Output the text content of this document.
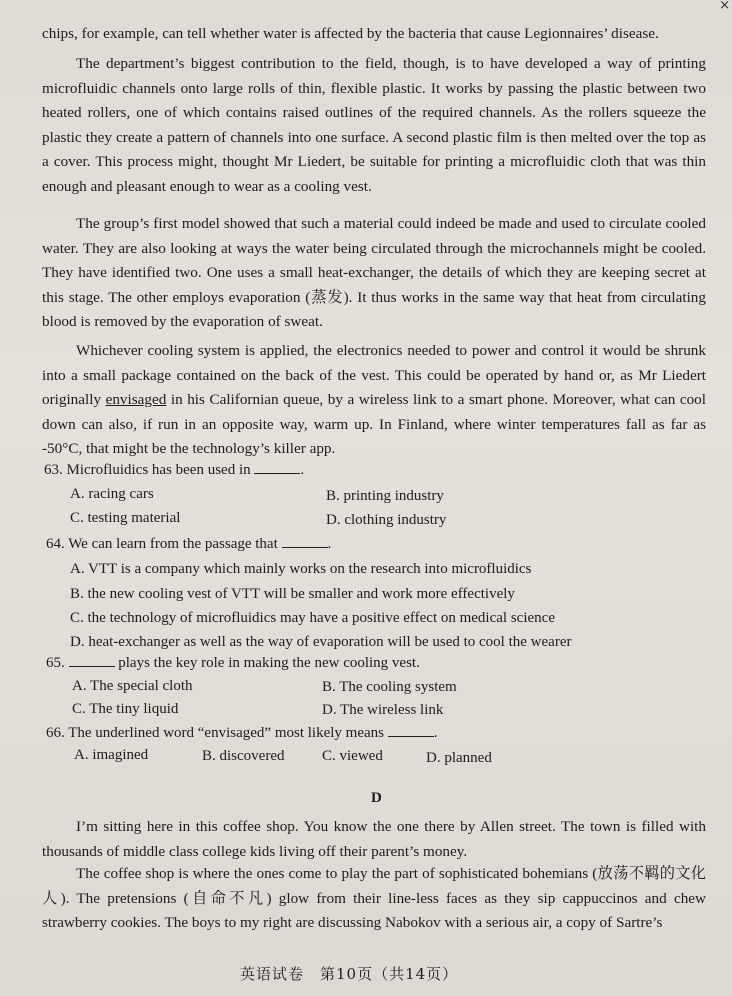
×

chips, for example, can tell whether water is affected by the bacteria that cause Legionnaires’ disease.

The department’s biggest contribution to the field, though, is to have developed a way of printing microfluidic channels onto large rolls of thin, flexible plastic. It works by passing the plastic between two heated rollers, one of which contains raised outlines of the required channels. As the rollers squeeze the plastic they create a pattern of channels into one surface. A second plastic film is then melted over the top as a cover. This process might, thought Mr Liedert, be suitable for printing a microfluidic cloth that was thin enough and pleasant enough to wear as a cooling vest.

The group’s first model showed that such a material could indeed be made and used to circulate cooled water. They are also looking at ways the water being circulated through the microchannels might be cooled. They have identified two. One uses a small heat-exchanger, the details of which they are keeping secret at this stage. The other employs evaporation (蒸发). It thus works in the same way that heat from circulating blood is removed by the evaporation of sweat.

Whichever cooling system is applied, the electronics needed to power and control it would be shrunk into a small package contained on the back of the vest. This could be operated by hand or, as Mr Liedert originally envisaged in his Californian queue, by a wireless link to a smart phone. Moreover, what can cool down can also, if run in an opposite way, warm up. In Finland, where winter temperatures fall as far as -50°C, that might be the technology’s killer app.

63. Microfluidics has been used in	.
A. racing cars	B. printing industry
C. testing material	D. clothing industry
64. We can learn from the passage that	.
A. VTT is a company which mainly works on the research into microfluidics
B. the new cooling vest of VTT will be smaller and work more effectively
C. the technology of microfluidics may have a positive effect on medical science
D. heat-exchanger as well as the way of evaporation will be used to cool the wearer
65.	plays the key role in making the new cooling vest.
A. The special cloth	B. The cooling system
C. The tiny liquid	D. The wireless link
66. The underlined word “envisaged” most likely means	.
A. imagined	B. discovered	C. viewed	D. planned
D

I’m sitting here in this coffee shop. You know the one there by Allen street. The town is filled with thousands of middle class college kids living off their parent’s money.

The coffee shop is where the ones come to play the part of sophisticated bohemians (放荡不羁的文化人). The pretensions (自命不凡) glow from their line-less faces as they sip cappuccinos and chew strawberry cookies. The boys to my right are discussing Nabokov with a serious air, a copy of Sartre’s

英语试卷　第10页（共14页）
